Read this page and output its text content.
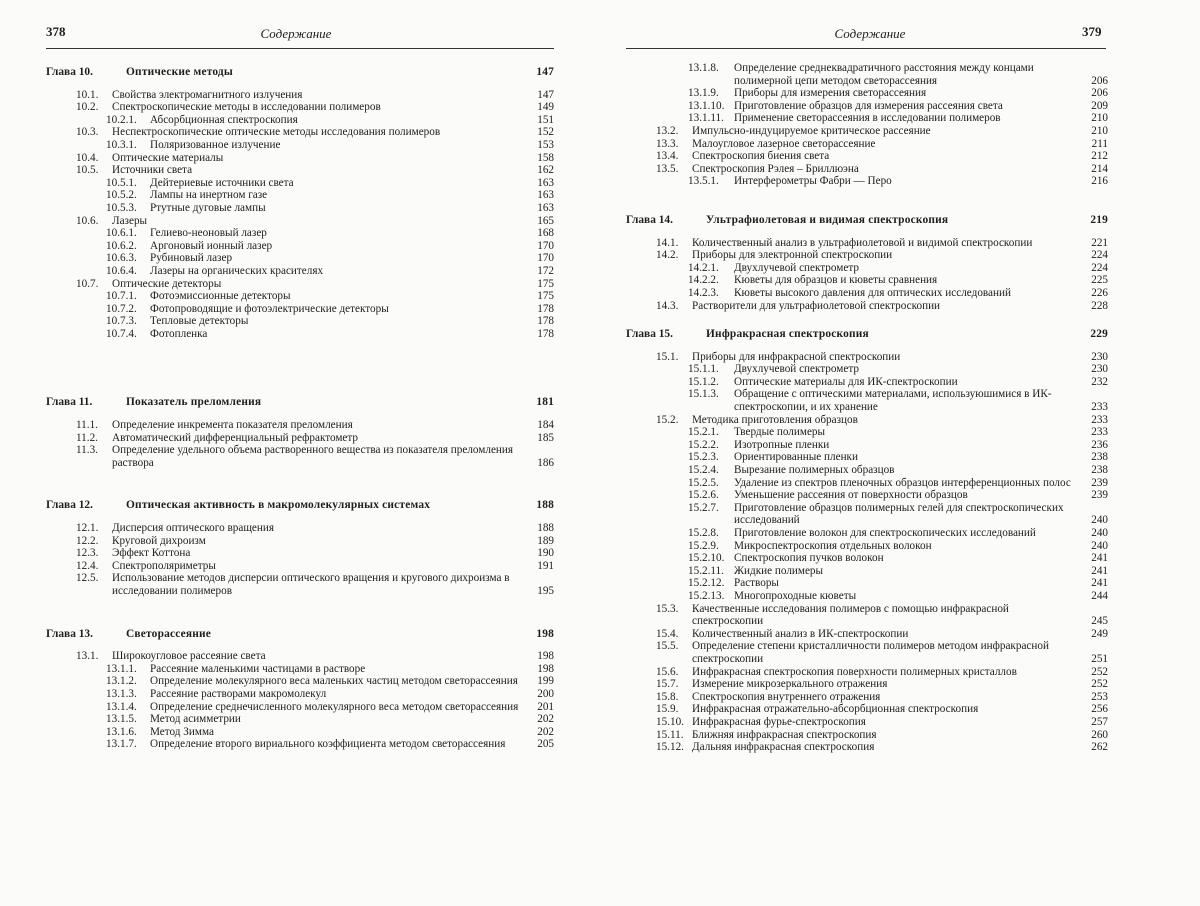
378	Содержание
Глава 10.	Оптические методы	147
10.1. Свойства электромагнитного излучения	147
10.2. Спектроскопические методы в исследовании полимеров	149
10.2.1. Абсорбционная спектроскопия	151
10.3. Неспектроскопические оптические методы исследования полимеров	152
10.3.1. Поляризованное излучение	153
10.4. Оптические материалы	158
10.5. Источники света	162
10.5.1. Дейтериевые источники света	163
10.5.2. Лампы на инертном газе	163
10.5.3. Ртутные дуговые лампы	163
10.6. Лазеры	165
10.6.1. Гелиево-неоновый лазер	168
10.6.2. Аргоновый ионный лазер	170
10.6.3. Рубиновый лазер	170
10.6.4. Лазеры на органических красителях	172
10.7. Оптические детекторы	175
10.7.1. Фотоэмиссионные детекторы	175
10.7.2. Фотопроводящие и фотоэлектрические детекторы	178
10.7.3. Тепловые детекторы	178
10.7.4. Фотопленка	178
Глава 11.	Показатель преломления	181
11.1. Определение инкремента показателя преломления	184
11.2. Автоматический дифференциальный рефрактометр	185
11.3. Определение удельного объема растворенного вещества из показателя преломления раствора	186
Глава 12.	Оптическая активность в макромолекулярных системах	188
12.1. Дисперсия оптического вращения	188
12.2. Круговой дихроизм	189
12.3. Эффект Коттона	190
12.4. Спектрополяриметры	191
12.5. Использование методов дисперсии оптического вращения и кругового дихроизма в исследовании полимеров	195
Глава 13.	Светорассеяние	198
13.1. Широкоугловое рассеяние света	198
13.1.1. Рассеяние маленькими частицами в растворе	198
13.1.2. Определение молекулярного веса маленьких частиц методом светорассеяния	199
13.1.3. Рассеяние растворами макромолекул	200
13.1.4. Определение среднечисленного молекулярного веса методом светорассеяния	201
13.1.5. Метод асимметрии	202
13.1.6. Метод Зимма	202
13.1.7. Определение второго вириального коэффициента методом светорассеяния	205
379
Содержание
13.1.8. Определение среднеквадратичного расстояния между концами полимерной цепи методом светорассеяния	206
13.1.9. Приборы для измерения светорассеяния	206
13.1.10. Приготовление образцов для измерения рассеяния света	209
13.1.11. Применение светорассеяния в исследовании полимеров	210
13.2. Импульсно-индуцируемое критическое рассеяние	210
13.3. Малоугловое лазерное светорассеяние	211
13.4. Спектроскопия биения света	212
13.5. Спектроскопия Рэлея – Бриллюэна	214
13.5.1. Интерферометры Фабри — Перо	216
Глава 14.	Ультрафиолетовая и видимая спектроскопия	219
14.1. Количественный анализ в ультрафиолетовой и видимой спектроскопии	221
14.2. Приборы для электронной спектроскопии	224
14.2.1. Двухлучевой спектрометр	224
14.2.2. Кюветы для образцов и кюветы сравнения	225
14.2.3. Кюветы высокого давления для оптических исследований	226
14.3. Растворители для ультрафиолетовой спектроскопии	228
Глава 15.	Инфракрасная спектроскопия	229
15.1. Приборы для инфракрасной спектроскопии	230
15.1.1. Двухлучевой спектрометр	230
15.1.2. Оптические материалы для ИК-спектроскопии	232
15.1.3. Обращение с оптическими материалами, используюшимися в ИК-спектроскопии, и их хранение	233
15.2. Методика приготовления образцов	233
15.2.1. Твердые полимеры	233
15.2.2. Изотропные пленки	236
15.2.3. Ориентированные пленки	238
15.2.4. Вырезание полимерных образцов	238
15.2.5. Удаление из спектров пленочных образцов интерференционных полос	239
15.2.6. Уменьшение рассеяния от поверхности образцов	239
15.2.7. Приготовление образцов полимерных гелей для спектроскопических исследований	240
15.2.8. Приготовление волокон для спектроскопических исследований	240
15.2.9. Микроспектроскопия отдельных волокон	240
15.2.10. Спектроскопия пучков волокон	241
15.2.11. Жидкие полимеры	241
15.2.12. Растворы	241
15.2.13. Многопроходные кюветы	244
15.3. Качественные исследования полимеров с помощью инфракрасной спектроскопии	245
15.4. Количественный анализ в ИК-спектроскопии	249
15.5. Определение степени кристалличности полимеров методом инфракрасной спектроскопии	251
15.6. Инфракрасная спектроскопия поверхности полимерных кристаллов	252
15.7. Измерение микрозеркального отражения	252
15.8. Спектроскопия внутреннего отражения	253
15.9. Инфракрасная отражательно-абсорбционная спектроскопия	256
15.10. Инфракрасная фурье-спектроскопия	257
15.11. Ближняя инфракрасная спектроскопия	260
15.12. Дальняя инфракрасная спектроскопия	262
